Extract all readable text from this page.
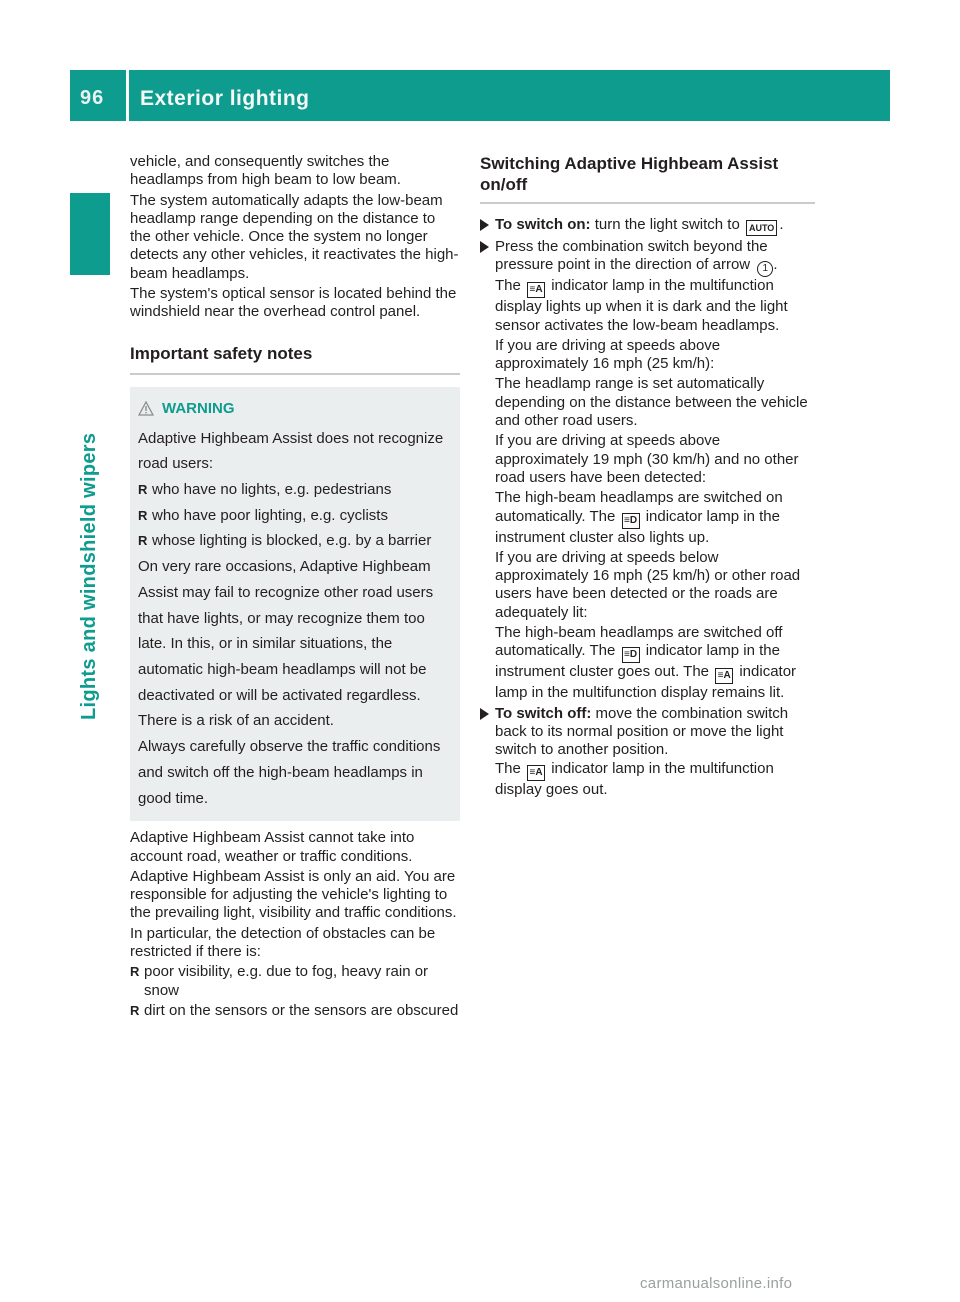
96 Exterior lighting
Lights and windshield wipers

vehicle, and consequently switches the headlamps from high beam to low beam.

The system automatically adapts the low-beam headlamp range depending on the distance to the other vehicle. Once the system no longer detects any other vehicles, it reactivates the high-beam headlamps.

The system's optical sensor is located behind the windshield near the overhead control panel.

Important safety notes
WARNING

Adaptive Highbeam Assist does not recognize road users:

R who have no lights, e.g. pedestrians

R who have poor lighting, e.g. cyclists

R whose lighting is blocked, e.g. by a barrier

On very rare occasions, Adaptive Highbeam Assist may fail to recognize other road users that have lights, or may recognize them too late. In this, or in similar situations, the automatic high-beam headlamps will not be deactivated or will be activated regardless. There is a risk of an accident.

Always carefully observe the traffic conditions and switch off the high-beam headlamps in good time.

Adaptive Highbeam Assist cannot take into account road, weather or traffic conditions.

Adaptive Highbeam Assist is only an aid. You are responsible for adjusting the vehicle's lighting to the prevailing light, visibility and traffic conditions.

In particular, the detection of obstacles can be restricted if there is:

R poor visibility, e.g. due to fog, heavy rain or snow

R dirt on the sensors or the sensors are obscured

Switching Adaptive Highbeam Assist
on/off

To switch on: turn the light switch to AUTO .

Press the combination switch beyond the pressure point in the direction of arrow 1 .
The ≡A indicator lamp in the multifunction display lights up when it is dark and the light sensor activates the low-beam headlamps.

If you are driving at speeds above approximately 16 mph (25 km/h):

The headlamp range is set automatically depending on the distance between the vehicle and other road users.

If you are driving at speeds above approximately 19 mph (30 km/h) and no other road users have been detected:

The high-beam headlamps are switched on automatically. The ≡D indicator lamp in the instrument cluster also lights up.

If you are driving at speeds below approximately 16 mph (25 km/h) or other road users have been detected or the roads are adequately lit:

The high-beam headlamps are switched off automatically. The ≡D indicator lamp in the instrument cluster goes out. The ≡A indicator lamp in the multifunction display remains lit.

To switch off: move the combination switch back to its normal position or move the light switch to another position.
The ≡A indicator lamp in the multifunction display goes out.

carmanualsonline.info
